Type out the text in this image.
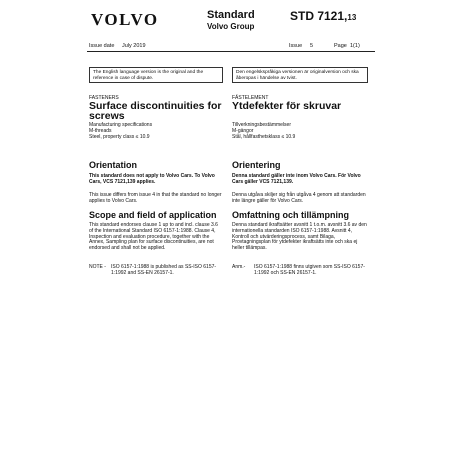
VOLVO	Standard
Volvo Group
STD 7121,13
Issue date July 2019	Issue 5	Page 1(1)
The English language version is the original and the reference in case of dispute.
Den engelskspråkiga versionen är originalversion och ska åberopas i händelse av tvist.
FASTENERS
Surface discontinuities for screws
Manufacturing specifications
M-threads
Steel, property class ≤ 10.9
Orientation
This standard does not apply to Volvo Cars. To Volvo Cars, VCS 7121,139 applies.
This issue differs from issue 4 in that the standard no longer applies to Volvo Cars.
Scope and field of application
This standard endorses clause 1 up to and incl. clause 3.6 of the International Standard ISO 6157-1:1988. Clause 4, Inspection and evaluation procedure, together with the Annex, Sampling plan for surface discontinuities, are not endorsed and shall not be applied.
NOTE - ISO 6157-1:1988 is published as SS-ISO 6157-1:1992 and SS-EN 26157-1.
FÄSTELEMENT
Ytdefekter för skruvar
Tillverkningsbestämmelser
M-gängor
Stål, hållfasthetsklass ≤ 10.9
Orientering
Denna standard gäller inte inom Volvo Cars. För Volvo Cars gäller VCS 7121,139.
Denna utgåva skiljer sig från utgåva 4 genom att standarden inte längre gäller för Volvo Cars.
Omfattning och tillämpning
Denna standard ikraftsätter avsnitt 1 t.o.m. avsnitt 3.6 av den internationella standarden ISO 6157-1:1988. Avsnitt 4, Kontroll och utvärderingsprocess, samt Bilaga, Provtagningsplan för ytdefekter ikraftsätts inte och ska ej heller tillämpas.
Anm.- ISO 6157-1:1988 finns utgiven som SS-ISO 6157-1:1992 och SS-EN 26157-1.
